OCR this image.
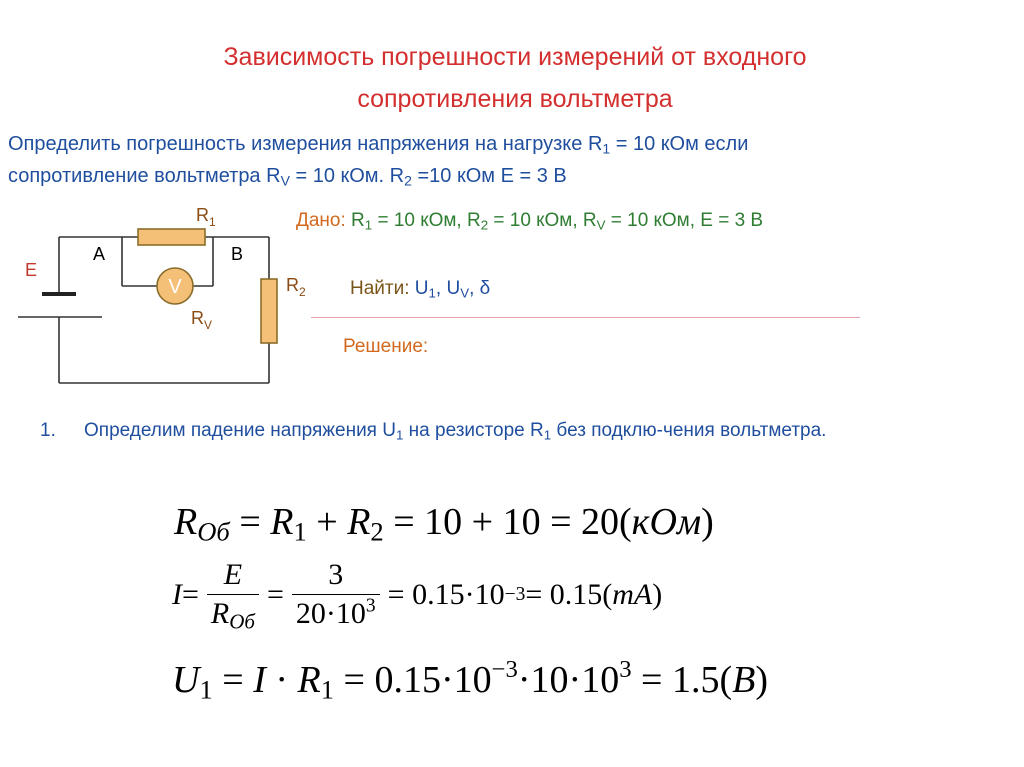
Зависимость погрешности измерений от входного
сопротивления вольтметра
Определить погрешность измерения напряжения на нагрузке $R_1 = 10$ кОм если
сопротивление вольтметра $R_V = 10$ кОм. $R_2 =10$ кОм Е = 3 В
V
E
A	B
$R_1$
$R_2$
$R_V$
Дано: $R_1 = 10$ кОм, $R_2 = 10$ кОм, $R_V = 10$ кОм, Е = 3 В
Найти: $U_1$, $U_V$, δ
Решение:
1. Определим падение напряжения $U_1$ на резисторе $R_1$ без подклю-чения вольтметра.
$R_{Об} = R_1 + R_2 = 10 + 10 = 20(кОм)$
$I = \frac{E}{R_{Об}} = \frac{3}{20\cdot 10^3} = 0.15\cdot 10 -3 = 0.15$( mA )
$U_1 = I \cdot R_1 = 0.15\cdot 10^{-3}\cdot 10\cdot 10^3 = 1.5(B)$
